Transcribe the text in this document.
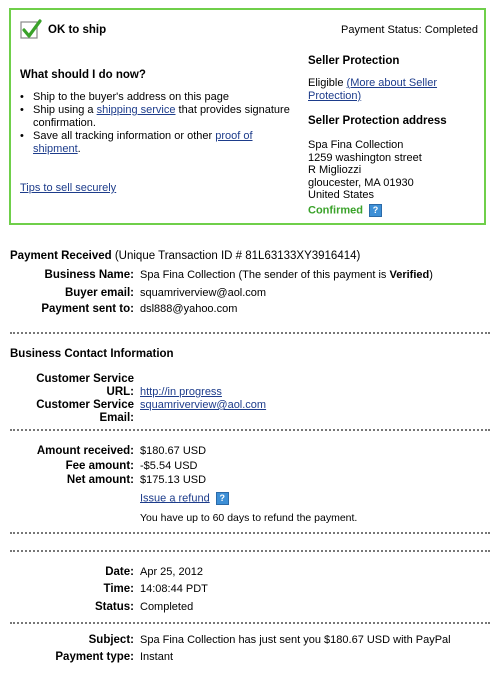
OK to ship	Payment Status: Completed
What should I do now?
• Ship to the buyer's address on this page
• Ship using a shipping service that provides signature confirmation.
• Save all tracking information or other proof of shipment.
Tips to sell securely
Seller Protection
Eligible (More about Seller Protection)
Seller Protection address
Spa Fina Collection
1259 washington street
R Migliozzi
gloucester, MA 01930
United States
Confirmed ?
Payment Received (Unique Transaction ID # 81L63133XY3916414)
Business Name: Spa Fina Collection (The sender of this payment is Verified)
Buyer email: squamriverview@aol.com
Payment sent to: dsl888@yahoo.com
Business Contact Information
Customer Service
URL: http://in progress
Customer Service
Email:
squamriverview@aol.com
Amount received: $180.67 USD
Fee amount: -$5.54 USD
Net amount: $175.13 USD
Issue a refund ?
You have up to 60 days to refund the payment.
Date: Apr 25, 2012
Time: 14:08:44 PDT
Status: Completed
Subject: Spa Fina Collection has just sent you $180.67 USD with PayPal
Payment type: Instant
